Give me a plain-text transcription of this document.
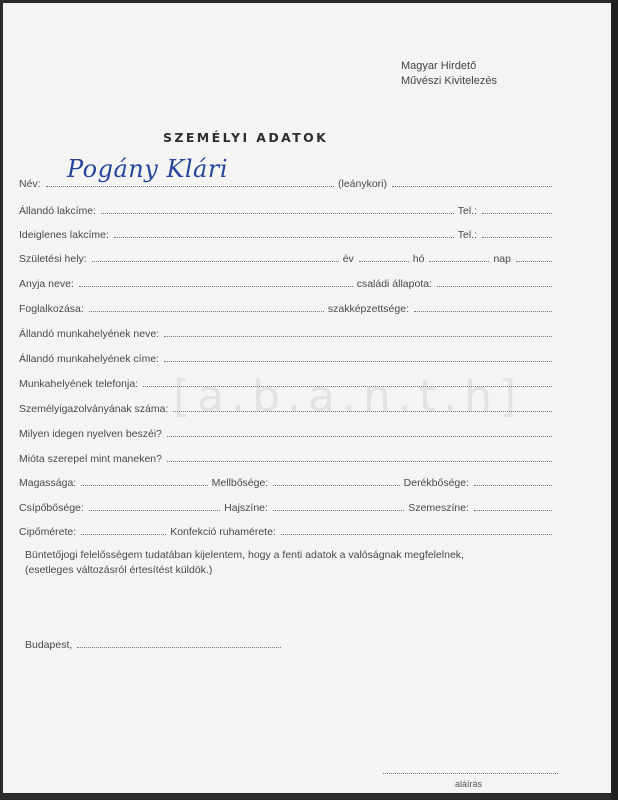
Magyar Hirdető
Művészi Kivitelezés
SZEMÉLYI ADATOK
[a.b.a.n.t.h]
Név:	(leánykori)
Pogány Klári
Állandó lakcíme:	Tel.:
Ideiglenes lakcíme:	Tel.:
Születési hely:	év	hó	nap
Anyja neve:	családi állapota:
Foglalkozása:	szakképzettsége:
Állandó munkahelyének neve:
Állandó munkahelyének címe:
Munkahelyének telefonja:
Személyigazolványának száma:
Milyen idegen nyelven beszéi?
Mióta szerepel mint maneken?
Magassága:	Mellbősége:	Derékbősége:
Csípőbősége:	Hajszíne:	Szemeszíne:
Cipőmérete:	Konfekció ruhamérete:
Büntetőjogi felelősségem tudatában kijelentem, hogy a fenti adatok a valóságnak megfelelnek,
(esetleges változásról értesítést küldök.)
Budapest,
aláírás
